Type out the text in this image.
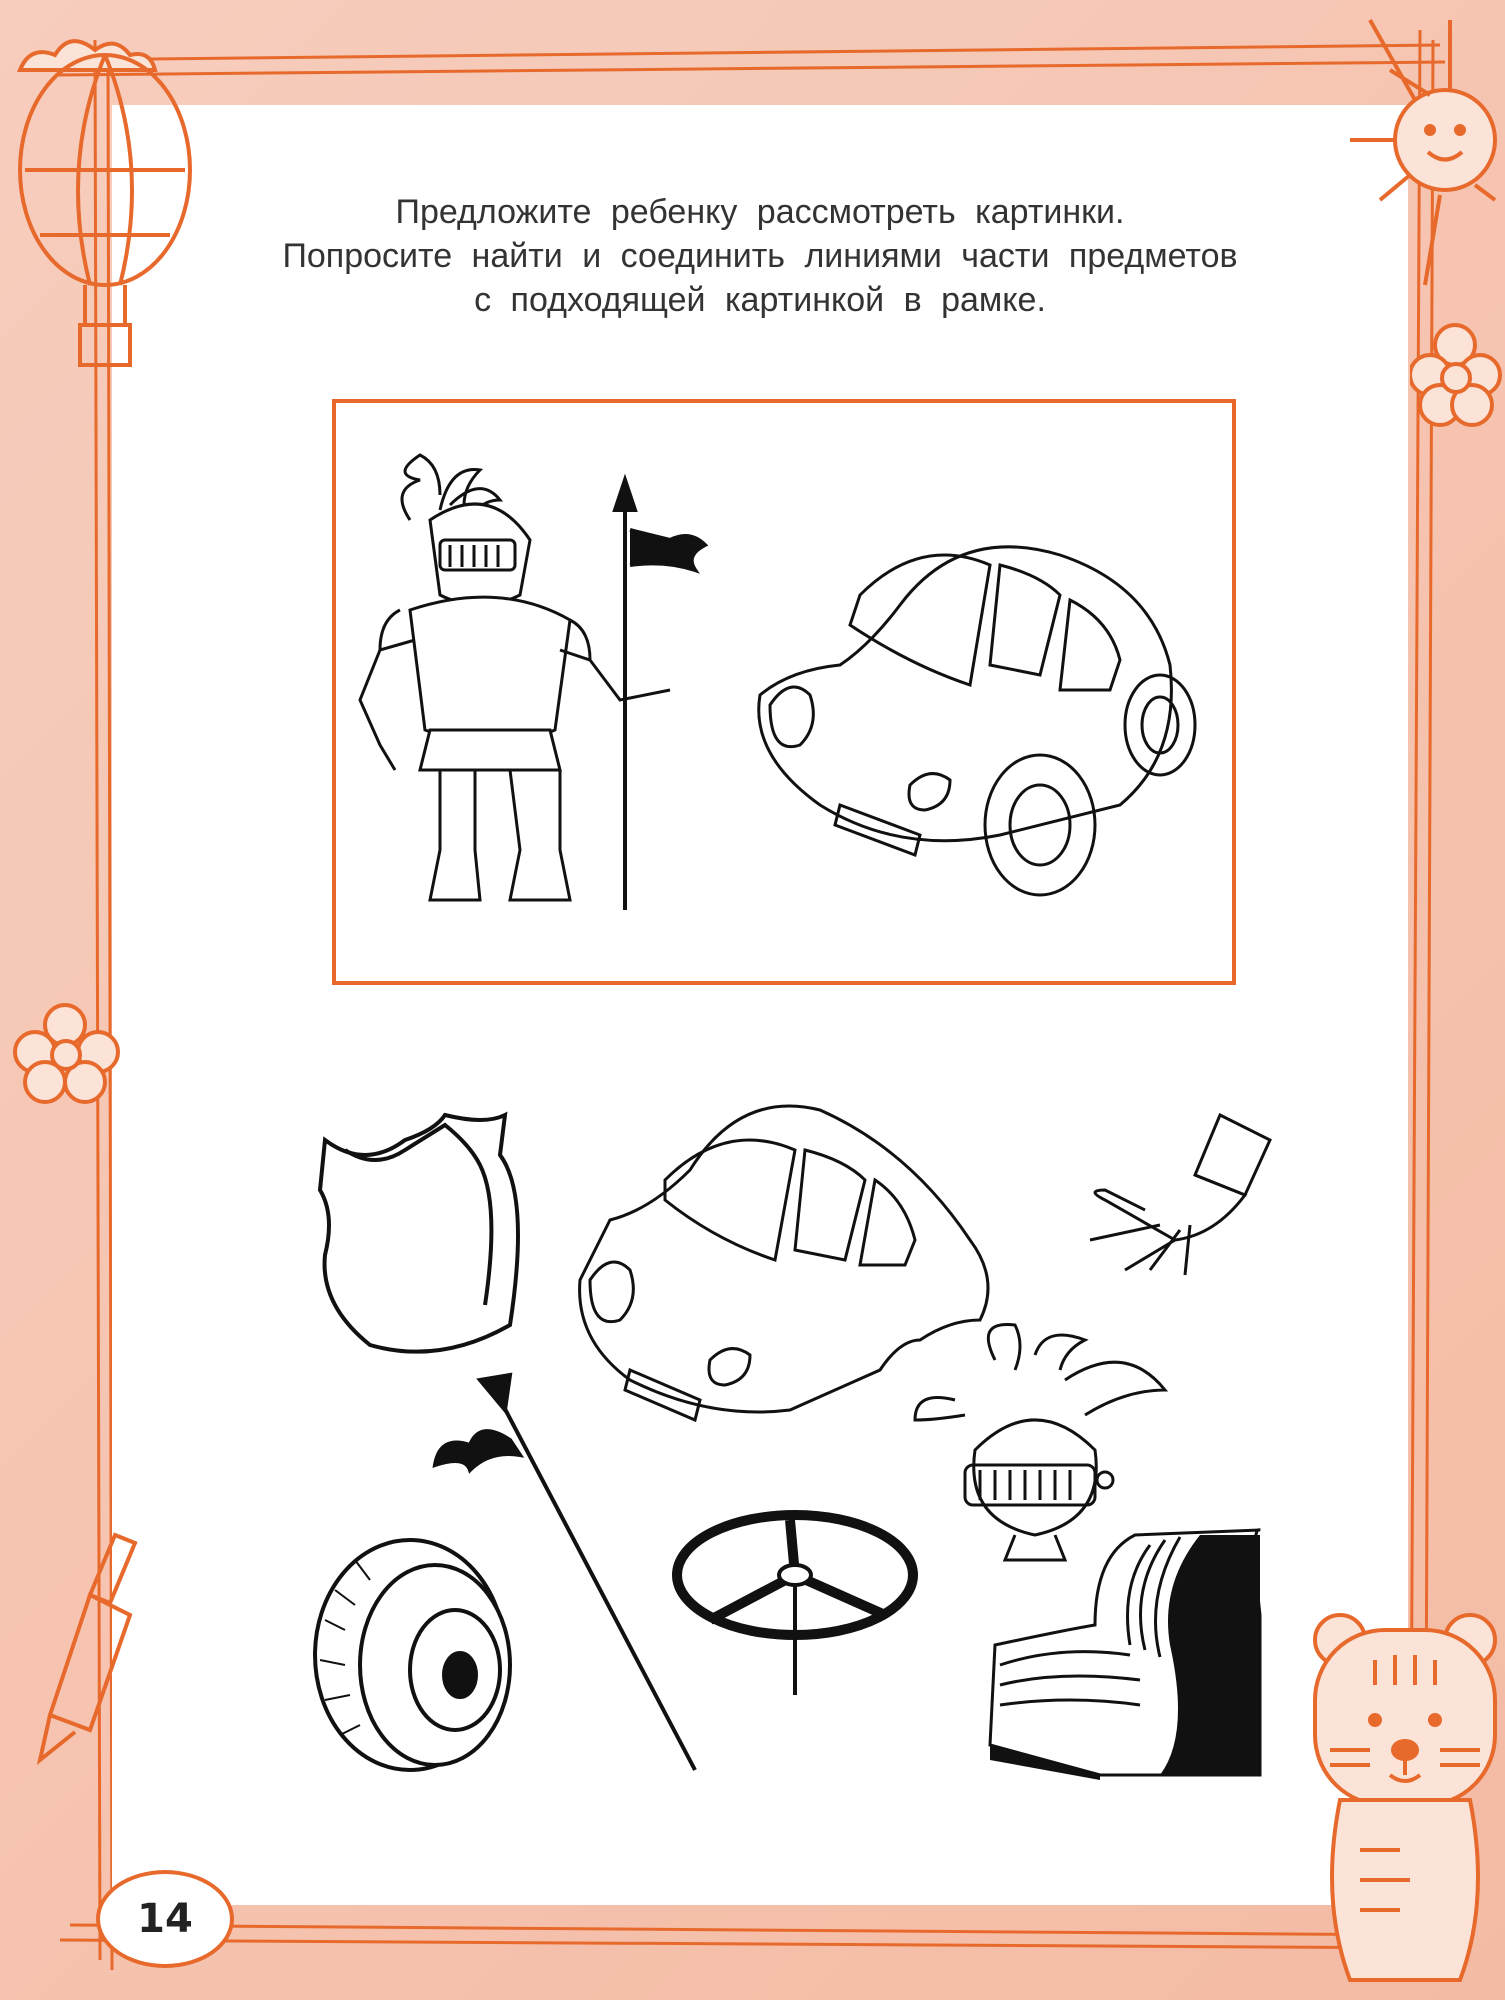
Предложите ребенку рассмотреть картинки.
Попросите найти и соединить линиями части предметов
с подходящей картинкой в рамке.
14
